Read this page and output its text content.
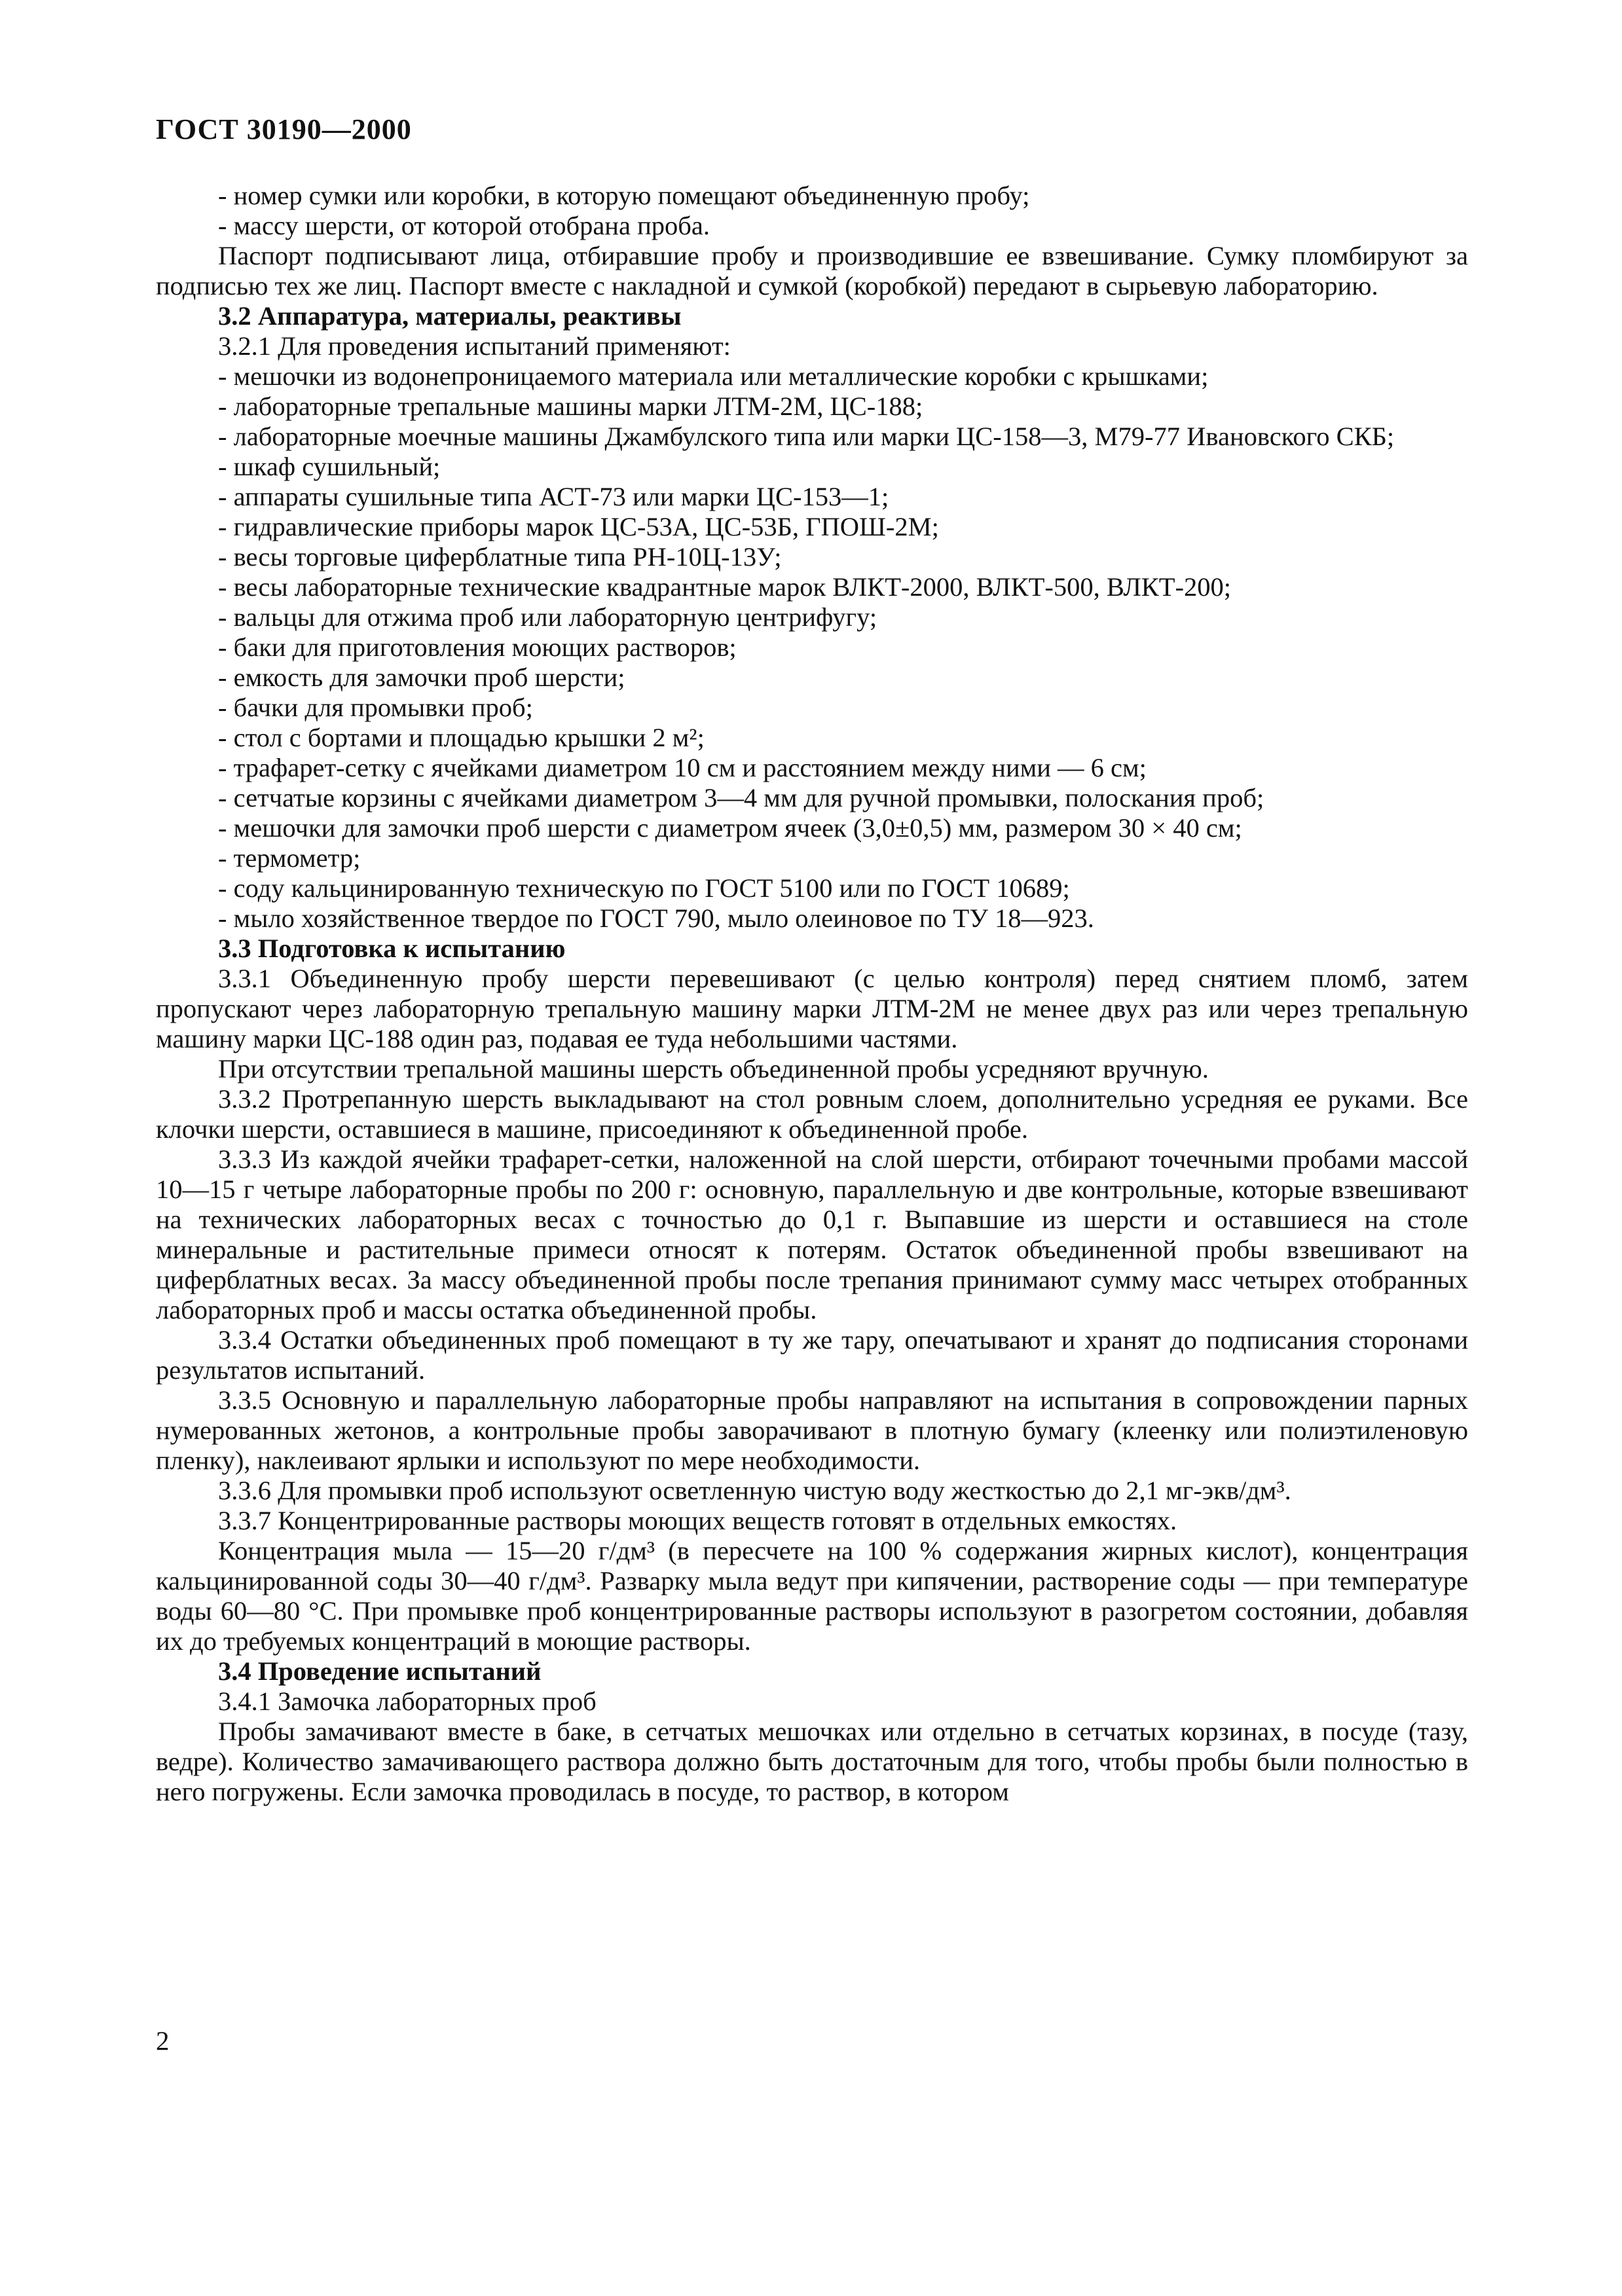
ГОСТ 30190—2000

- номер сумки или коробки, в которую помещают объединенную пробу;

- массу шерсти, от которой отобрана проба.

Паспорт подписывают лица, отбиравшие пробу и производившие ее взвешивание. Сумку пломбируют за подписью тех же лиц. Паспорт вместе с накладной и сумкой (коробкой) передают в сырьевую лабораторию.

3.2 Аппаратура, материалы, реактивы

3.2.1 Для проведения испытаний применяют:

- мешочки из водонепроницаемого материала или металлические коробки с крышками;

- лабораторные трепальные машины марки ЛТМ-2М, ЦС-188;

- лабораторные моечные машины Джамбулского типа или марки ЦС-158—3, М79-77 Ивановского СКБ;

- шкаф сушильный;

- аппараты сушильные типа АСТ-73 или марки ЦС-153—1;

- гидравлические приборы марок ЦС-53А, ЦС-53Б, ГПОШ-2М;

- весы торговые циферблатные типа РН-10Ц-13У;

- весы лабораторные технические квадрантные марок ВЛКТ-2000, ВЛКТ-500, ВЛКТ-200;

- вальцы для отжима проб или лабораторную центрифугу;

- баки для приготовления моющих растворов;

- емкость для замочки проб шерсти;

- бачки для промывки проб;

- стол с бортами и площадью крышки 2 м²;

- трафарет-сетку с ячейками диаметром 10 см и расстоянием между ними — 6 см;

- сетчатые корзины с ячейками диаметром 3—4 мм для ручной промывки, полоскания проб;

- мешочки для замочки проб шерсти с диаметром ячеек (3,0±0,5) мм, размером 30 × 40 см;

- термометр;

- соду кальцинированную техническую по ГОСТ 5100 или по ГОСТ 10689;

- мыло хозяйственное твердое по ГОСТ 790, мыло олеиновое по ТУ 18—923.

3.3 Подготовка к испытанию

3.3.1 Объединенную пробу шерсти перевешивают (с целью контроля) перед снятием пломб, затем пропускают через лабораторную трепальную машину марки ЛТМ-2М не менее двух раз или через трепальную машину марки ЦС-188 один раз, подавая ее туда небольшими частями.

При отсутствии трепальной машины шерсть объединенной пробы усредняют вручную.

3.3.2 Протрепанную шерсть выкладывают на стол ровным слоем, дополнительно усредняя ее руками. Все клочки шерсти, оставшиеся в машине, присоединяют к объединенной пробе.

3.3.3 Из каждой ячейки трафарет-сетки, наложенной на слой шерсти, отбирают точечными пробами массой 10—15 г четыре лабораторные пробы по 200 г: основную, параллельную и две контрольные, которые взвешивают на технических лабораторных весах с точностью до 0,1 г. Выпавшие из шерсти и оставшиеся на столе минеральные и растительные примеси относят к потерям. Остаток объединенной пробы взвешивают на циферблатных весах. За массу объединенной пробы после трепания принимают сумму масс четырех отобранных лабораторных проб и массы остатка объединенной пробы.

3.3.4 Остатки объединенных проб помещают в ту же тару, опечатывают и хранят до подписания сторонами результатов испытаний.

3.3.5 Основную и параллельную лабораторные пробы направляют на испытания в сопровождении парных нумерованных жетонов, а контрольные пробы заворачивают в плотную бумагу (клеенку или полиэтиленовую пленку), наклеивают ярлыки и используют по мере необходимости.

3.3.6 Для промывки проб используют осветленную чистую воду жесткостью до 2,1 мг-экв/дм³.

3.3.7 Концентрированные растворы моющих веществ готовят в отдельных емкостях.

Концентрация мыла — 15—20 г/дм³ (в пересчете на 100 % содержания жирных кислот), концентрация кальцинированной соды 30—40 г/дм³. Разварку мыла ведут при кипячении, растворение соды — при температуре воды 60—80 °С. При промывке проб концентрированные растворы используют в разогретом состоянии, добавляя их до требуемых концентраций в моющие растворы.

3.4 Проведение испытаний

3.4.1 Замочка лабораторных проб

Пробы замачивают вместе в баке, в сетчатых мешочках или отдельно в сетчатых корзинах, в посуде (тазу, ведре). Количество замачивающего раствора должно быть достаточным для того, чтобы пробы были полностью в него погружены. Если замочка проводилась в посуде, то раствор, в котором

2
